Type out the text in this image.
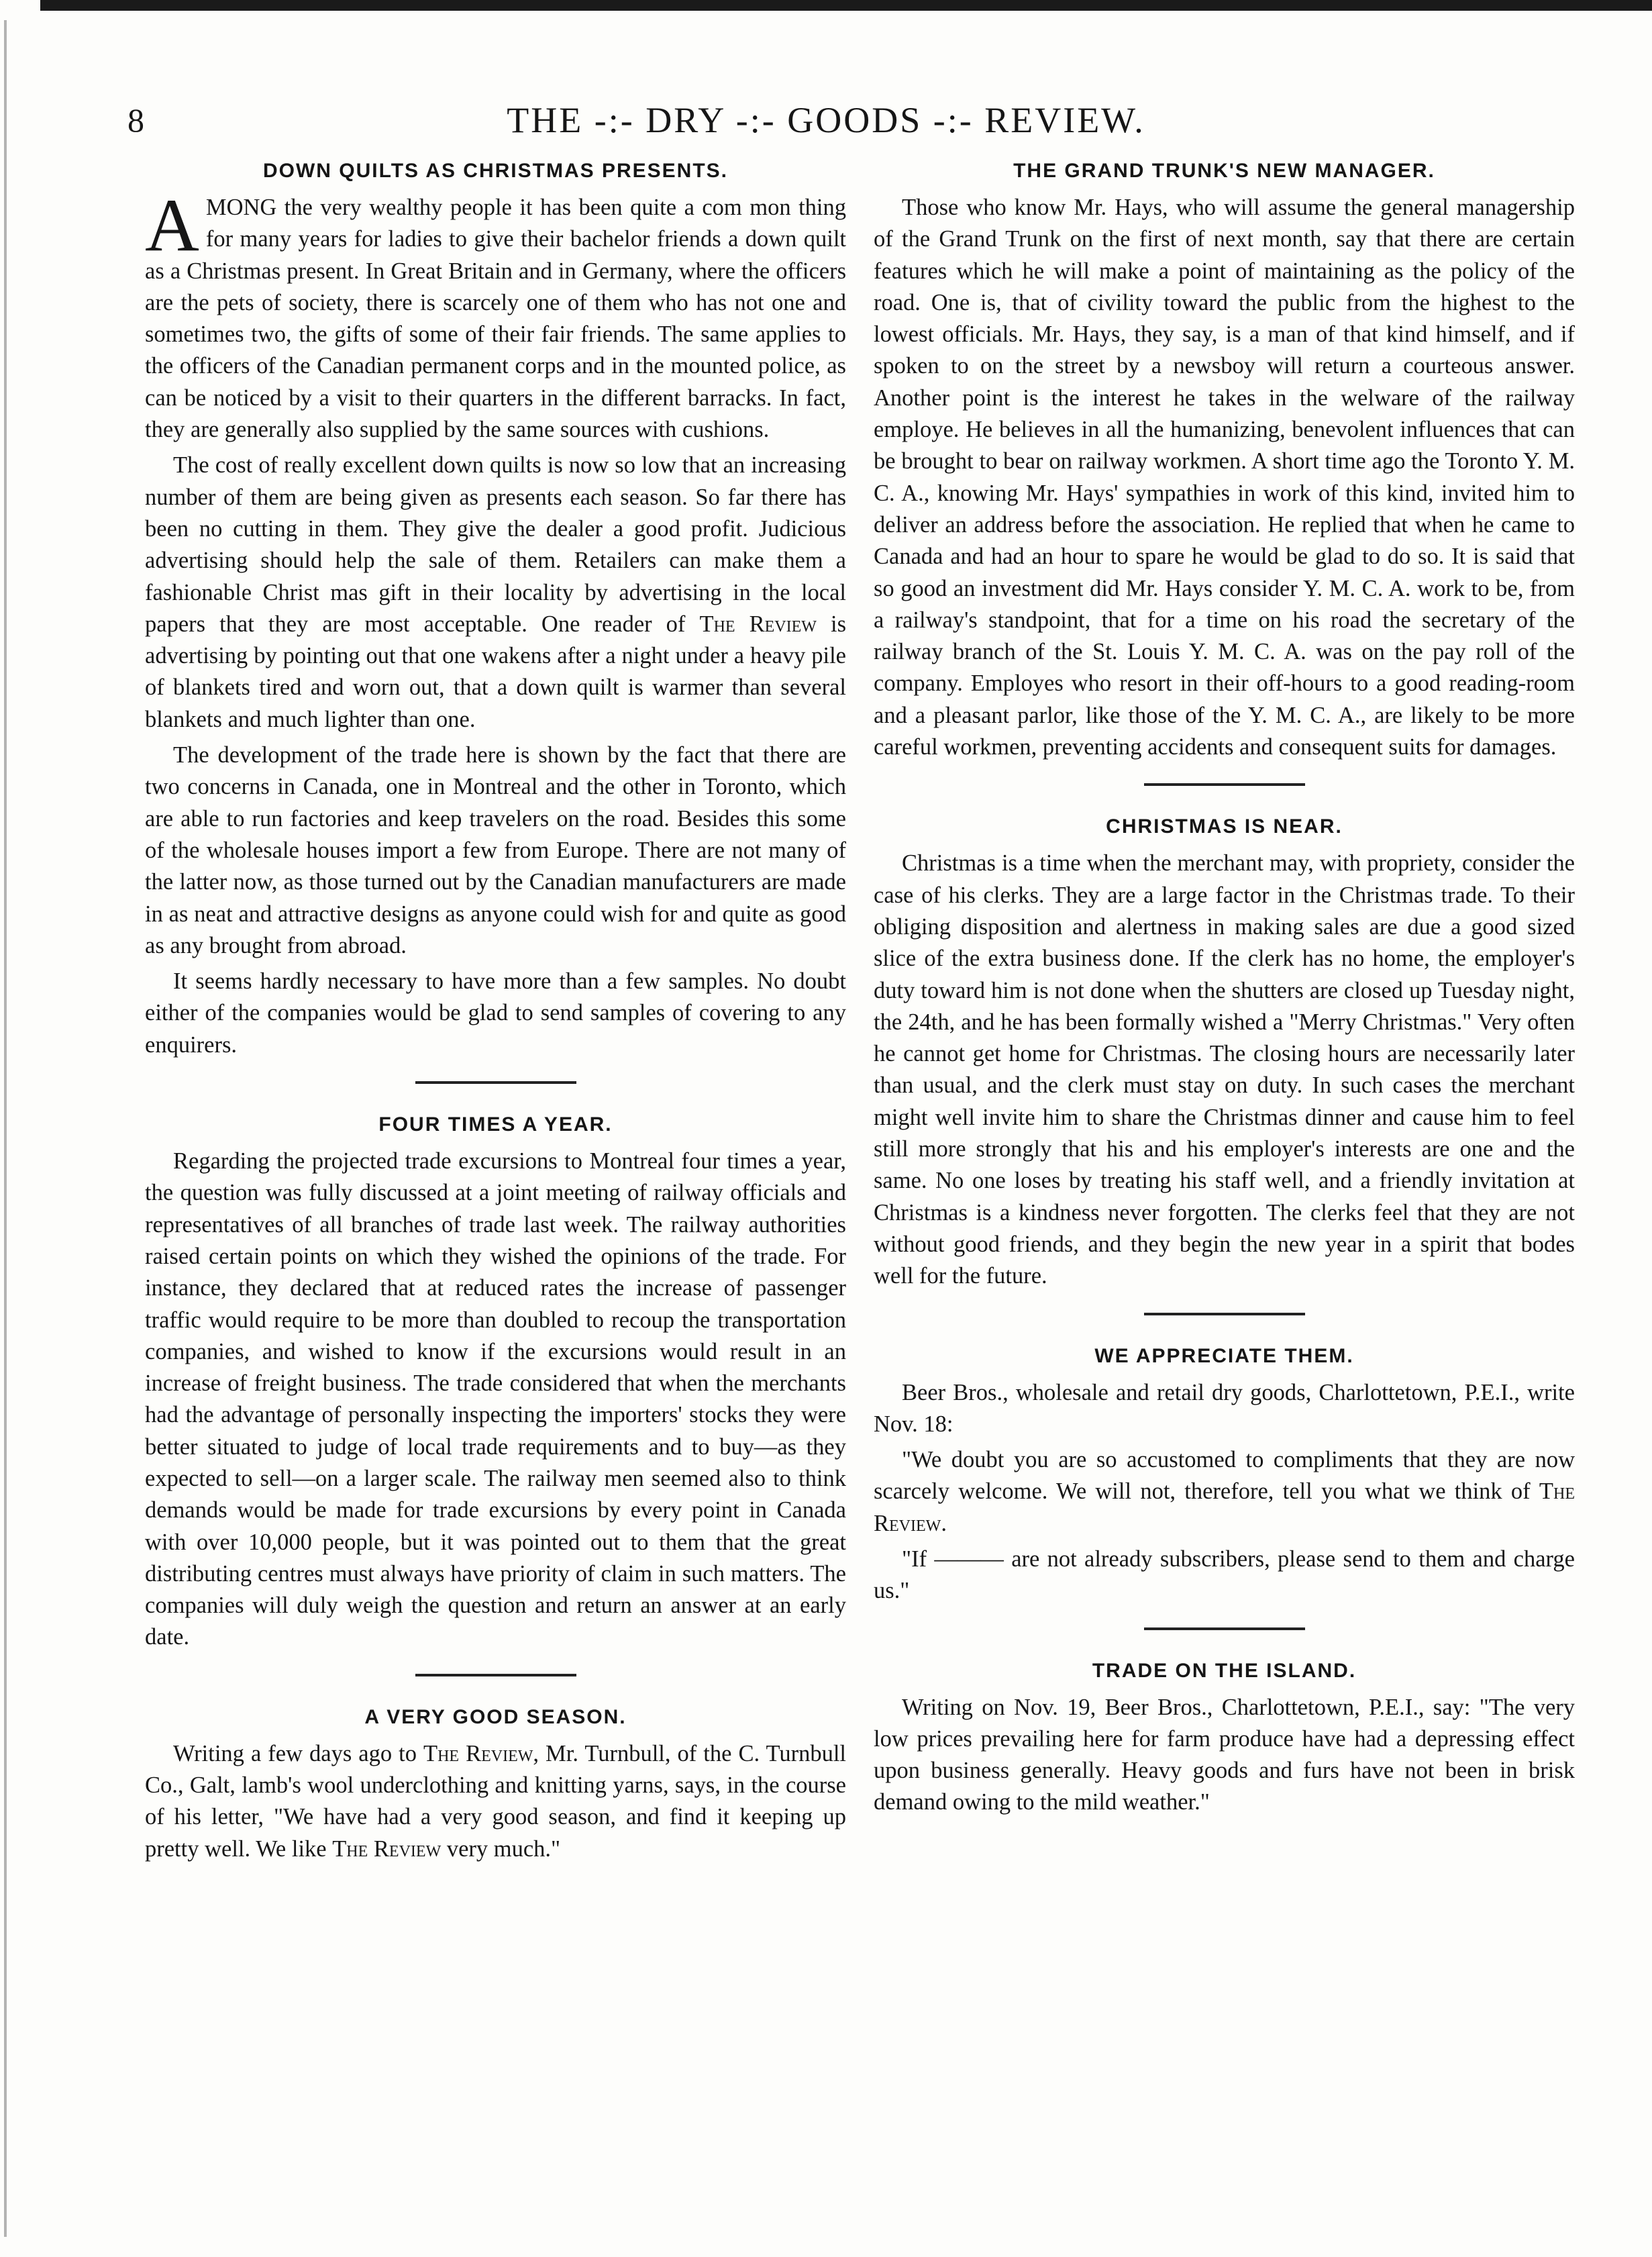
8	THE -:- DRY -:- GOODS -:- REVIEW.
DOWN QUILTS AS CHRISTMAS PRESENTS.

AMONG the very wealthy people it has been quite a com mon thing for many years for ladies to give their bachelor friends a down quilt as a Christmas present. In Great Britain and in Germany, where the officers are the pets of society, there is scarcely one of them who has not one and sometimes two, the gifts of some of their fair friends. The same applies to the officers of the Canadian permanent corps and in the mounted police, as can be noticed by a visit to their quarters in the different barracks. In fact, they are generally also supplied by the same sources with cushions.

The cost of really excellent down quilts is now so low that an increasing number of them are being given as presents each season. So far there has been no cutting in them. They give the dealer a good profit. Judicious advertising should help the sale of them. Retailers can make them a fashionable Christ mas gift in their locality by advertising in the local papers that they are most acceptable. One reader of The Review is advertising by pointing out that one wakens after a night under a heavy pile of blankets tired and worn out, that a down quilt is warmer than several blankets and much lighter than one.

The development of the trade here is shown by the fact that there are two concerns in Canada, one in Montreal and the other in Toronto, which are able to run factories and keep travelers on the road. Besides this some of the wholesale houses import a few from Europe. There are not many of the latter now, as those turned out by the Canadian manufacturers are made in as neat and attractive designs as anyone could wish for and quite as good as any brought from abroad.

It seems hardly necessary to have more than a few samples. No doubt either of the companies would be glad to send samples of covering to any enquirers.

FOUR TIMES A YEAR.

Regarding the projected trade excursions to Montreal four times a year, the question was fully discussed at a joint meeting of railway officials and representatives of all branches of trade last week. The railway authorities raised certain points on which they wished the opinions of the trade. For instance, they declared that at reduced rates the increase of passenger traffic would require to be more than doubled to recoup the transportation companies, and wished to know if the excursions would result in an increase of freight business. The trade considered that when the merchants had the advantage of personally inspecting the importers' stocks they were better situated to judge of local trade requirements and to buy—as they expected to sell—on a larger scale. The railway men seemed also to think demands would be made for trade excursions by every point in Canada with over 10,000 people, but it was pointed out to them that the great distributing centres must always have priority of claim in such matters. The companies will duly weigh the question and return an answer at an early date.

A VERY GOOD SEASON.

Writing a few days ago to The Review, Mr. Turnbull, of the C. Turnbull Co., Galt, lamb's wool underclothing and knitting yarns, says, in the course of his letter, "We have had a very good season, and find it keeping up pretty well. We like The Review very much."

THE GRAND TRUNK'S NEW MANAGER.

Those who know Mr. Hays, who will assume the general managership of the Grand Trunk on the first of next month, say that there are certain features which he will make a point of maintaining as the policy of the road. One is, that of civility toward the public from the highest to the lowest officials. Mr. Hays, they say, is a man of that kind himself, and if spoken to on the street by a newsboy will return a courteous answer. Another point is the interest he takes in the welware of the railway employe. He believes in all the humanizing, benevolent influences that can be brought to bear on railway workmen. A short time ago the Toronto Y. M. C. A., knowing Mr. Hays' sympathies in work of this kind, invited him to deliver an address before the association. He replied that when he came to Canada and had an hour to spare he would be glad to do so. It is said that so good an investment did Mr. Hays consider Y. M. C. A. work to be, from a railway's standpoint, that for a time on his road the secretary of the railway branch of the St. Louis Y. M. C. A. was on the pay roll of the company. Employes who resort in their off-hours to a good reading-room and a pleasant parlor, like those of the Y. M. C. A., are likely to be more careful workmen, preventing accidents and consequent suits for damages.

CHRISTMAS IS NEAR.

Christmas is a time when the merchant may, with propriety, consider the case of his clerks. They are a large factor in the Christmas trade. To their obliging disposition and alertness in making sales are due a good sized slice of the extra business done. If the clerk has no home, the employer's duty toward him is not done when the shutters are closed up Tuesday night, the 24th, and he has been formally wished a "Merry Christmas." Very often he cannot get home for Christmas. The closing hours are necessarily later than usual, and the clerk must stay on duty. In such cases the merchant might well invite him to share the Christmas dinner and cause him to feel still more strongly that his and his employer's interests are one and the same. No one loses by treating his staff well, and a friendly invitation at Christmas is a kindness never forgotten. The clerks feel that they are not without good friends, and they begin the new year in a spirit that bodes well for the future.

WE APPRECIATE THEM.

Beer Bros., wholesale and retail dry goods, Charlottetown, P.E.I., write Nov. 18:

"We doubt you are so accustomed to compliments that they are now scarcely welcome. We will not, therefore, tell you what we think of The Review.

"If ——— are not already subscribers, please send to them and charge us."

TRADE ON THE ISLAND.

Writing on Nov. 19, Beer Bros., Charlottetown, P.E.I., say: "The very low prices prevailing here for farm produce have had a depressing effect upon business generally. Heavy goods and furs have not been in brisk demand owing to the mild weather."
